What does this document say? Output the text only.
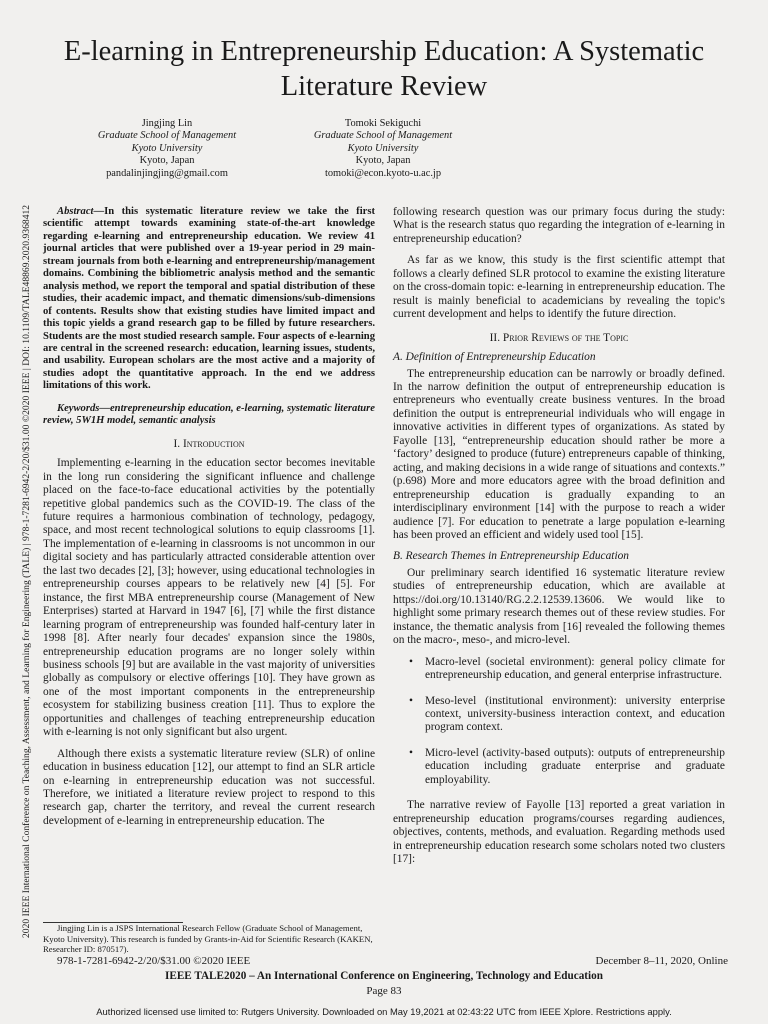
2020 IEEE International Conference on Teaching, Assessment, and Learning for Engineering (TALE) | 978-1-7281-6942-2/20/$31.00 ©2020 IEEE | DOI: 10.1109/TALE48869.2020.9368412
E-learning in Entrepreneurship Education: A Systematic Literature Review
Jingjing Lin
Graduate School of Management
Kyoto University
Kyoto, Japan
pandalinjingjing@gmail.com
Tomoki Sekiguchi
Graduate School of Management
Kyoto University
Kyoto, Japan
tomoki@econ.kyoto-u.ac.jp

Abstract—In this systematic literature review we take the first scientific attempt towards examining state-of-the-art knowledge regarding e-learning and entrepreneurship education. We review 41 journal articles that were published over a 19-year period in 29 main-stream journals from both e-learning and entrepreneurship/management domains. Combining the bibliometric analysis method and the semantic analysis method, we report the temporal and spatial distribution of these studies, their academic impact, and thematic dimensions/sub-dimensions of contents. Results show that existing studies have limited impact and this topic yields a grand research gap to be filled by future researchers. Students are the most studied research sample. Four aspects of e-learning are central in the screened research: education, learning issues, students, and usability. European scholars are the most active and a majority of studies adopt the quantitative approach. In the end we address limitations of this work.

Keywords—entrepreneurship education, e-learning, systematic literature review, 5W1H model, semantic analysis

I. Introduction

Implementing e-learning in the education sector becomes inevitable in the long run considering the significant influence and challenge placed on the face-to-face educational activities by the potentially repetitive global pandemics such as the COVID-19. The class of the future requires a harmonious combination of technology, pedagogy, space, and most recent technological solutions to equip classrooms [1]. The implementation of e-learning in classrooms is not uncommon in our digital society and has particularly attracted considerable attention over the last two decades [2], [3]; however, using educational technologies in entrepreneurship courses appears to be relatively new [4] [5]. For instance, the first MBA entrepreneurship course (Management of New Enterprises) started at Harvard in 1947 [6], [7] while the first distance learning program of entrepreneurship was founded half-century later in 1998 [8]. After nearly four decades' expansion since the 1980s, entrepreneurship education programs are no longer solely within business schools [9] but are available in the vast majority of universities globally as compulsory or elective offerings [10]. They have grown as one of the most important components in the entrepreneurship ecosystem for stabilizing business creation [11]. Thus to explore the opportunities and challenges of teaching entrepreneurship education with e-learning is not only significant but also urgent.

Although there exists a systematic literature review (SLR) of online education in business education [12], our attempt to find an SLR article on e-learning in entrepreneurship education was not successful. Therefore, we initiated a literature review project to respond to this research gap, charter the territory, and reveal the current research development of e-learning in entrepreneurship education. The

following research question was our primary focus during the study: What is the research status quo regarding the integration of e-learning in entrepreneurship education?

As far as we know, this study is the first scientific attempt that follows a clearly defined SLR protocol to examine the existing literature on the cross-domain topic: e-learning in entrepreneurship education. The result is mainly beneficial to academicians by revealing the topic's current development and helps to identify the future direction.

II. Prior Reviews of the Topic
A. Definition of Entrepreneurship Education

The entrepreneurship education can be narrowly or broadly defined. In the narrow definition the output of entrepreneurship education is entrepreneurs who eventually create business ventures. In the broad definition the output is entrepreneurial individuals who will engage in innovative activities in different types of organizations. As stated by Fayolle [13], “entrepreneurship education should rather be more a ‘factory’ designed to produce (future) entrepreneurs capable of thinking, acting, and making decisions in a wide range of situations and contexts.” (p.698) More and more educators agree with the broad definition and entrepreneurship education is gradually expanding to an interdisciplinary environment [14] with the purpose to reach a wider audience [7]. For education to penetrate a large population e-learning has been proved an efficient and widely used tool [15].

B. Research Themes in Entrepreneurship Education

Our preliminary search identified 16 systematic literature review studies of entrepreneurship education, which are available at https://doi.org/10.13140/RG.2.2.12539.13606. We would like to highlight some primary research themes out of these review studies. For instance, the thematic analysis from [16] revealed the following themes on the macro-, meso-, and micro-level.

• Macro-level (societal environment): general policy climate for entrepreneurship education, and general enterprise infrastructure.
• Meso-level (institutional environment): university enterprise context, university-business interaction context, and education program context.
• Micro-level (activity-based outputs): outputs of entrepreneurship education including graduate enterprise and graduate employability.

The narrative review of Fayolle [13] reported a great variation in entrepreneurship education programs/courses regarding audiences, objectives, contents, methods, and evaluation. Regarding methods used in entrepreneurship education research some scholars noted two clusters [17]:

Jingjing Lin is a JSPS International Research Fellow (Graduate School of Management, Kyoto University). This research is funded by Grants-in-Aid for Scientific Research (KAKEN, Researcher ID: 870517).

978-1-7281-6942-2/20/$31.00 ©2020 IEEE	December 8–11, 2020, Online
IEEE TALE2020 – An International Conference on Engineering, Technology and Education
Page 83
Authorized licensed use limited to: Rutgers University. Downloaded on May 19,2021 at 02:43:22 UTC from IEEE Xplore. Restrictions apply.
